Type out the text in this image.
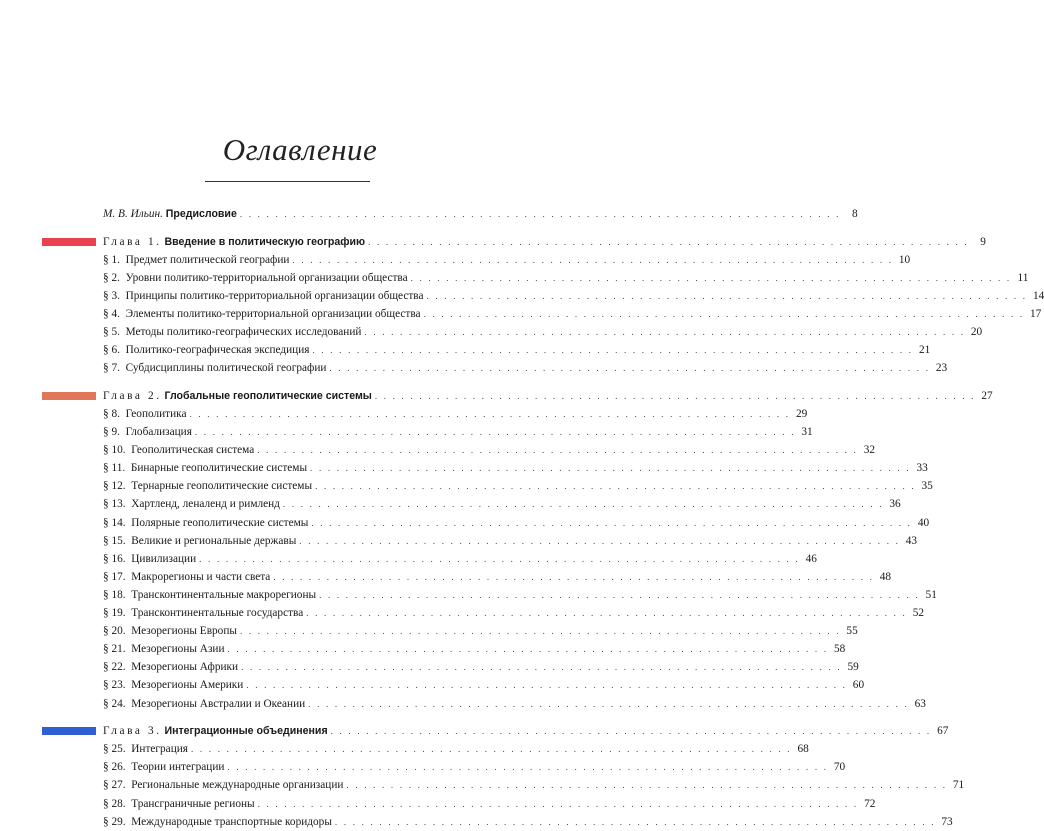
Оглавление
М. В. Ильин. Предисловие . . . . . . . . . . . . . . . . . . . . . . . . . . . . . . . . . . . . . . . . . . . . . . . . . . . . . . . . . . . . . . . . . . . .	8
Глава 1. Введение в политическую географию . . . . . . . . . . . . . . . . . . . . . . . . . . . . . . . . . . . . . . . . . . . . . . . . . . . . . . . . . . . . . . . . . . . .	9
§ 1. Предмет политической географии . . . . . . . . . . . . . . . . . . . . . . . . . . . . . . . . . . . . . . . . . . . . . . . . . . . . . . . . . . . . . . . . . . . . 10
§ 2. Уровни политико-территориальной организации общества . . . . . . . . . . . . . . . . . . . . . . . . . . . . . . . . . . . . . . . . . . . . . . . . . . . . . . . . . . . . . . . . . . . . 11
§ 3. Принципы политико-территориальной организации общества . . . . . . . . . . . . . . . . . . . . . . . . . . . . . . . . . . . . . . . . . . . . . . . . . . . . . . . . . . . . . . . . . . . . 14
§ 4. Элементы политико-территориальной организации общества . . . . . . . . . . . . . . . . . . . . . . . . . . . . . . . . . . . . . . . . . . . . . . . . . . . . . . . . . . . . . . . . . . . . 17
§ 5. Методы политико-географических исследований . . . . . . . . . . . . . . . . . . . . . . . . . . . . . . . . . . . . . . . . . . . . . . . . . . . . . . . . . . . . . . . . . . . . 20
§ 6. Политико-географическая экспедиция . . . . . . . . . . . . . . . . . . . . . . . . . . . . . . . . . . . . . . . . . . . . . . . . . . . . . . . . . . . . . . . . . . . . 21
§ 7. Субдисциплины политической географии . . . . . . . . . . . . . . . . . . . . . . . . . . . . . . . . . . . . . . . . . . . . . . . . . . . . . . . . . . . . . . . . . . . . 23
Глава 2. Глобальные геополитические системы . . . . . . . . . . . . . . . . . . . . . . . . . . . . . . . . . . . . . . . . . . . . . . . . . . . . . . . . . . . . . . . . . . . . 27
§ 8. Геополитика . . . . . . . . . . . . . . . . . . . . . . . . . . . . . . . . . . . . . . . . . . . . . . . . . . . . . . . . . . . . . . . . . . . . 29
§ 9. Глобализация . . . . . . . . . . . . . . . . . . . . . . . . . . . . . . . . . . . . . . . . . . . . . . . . . . . . . . . . . . . . . . . . . . . . 31
§ 10. Геополитическая система . . . . . . . . . . . . . . . . . . . . . . . . . . . . . . . . . . . . . . . . . . . . . . . . . . . . . . . . . . . . . . . . . . . . 32
§ 11. Бинарные геополитические системы . . . . . . . . . . . . . . . . . . . . . . . . . . . . . . . . . . . . . . . . . . . . . . . . . . . . . . . . . . . . . . . . . . . . 33
§ 12. Тернарные геополитические системы . . . . . . . . . . . . . . . . . . . . . . . . . . . . . . . . . . . . . . . . . . . . . . . . . . . . . . . . . . . . . . . . . . . . 35
§ 13. Хартленд, леналенд и римленд . . . . . . . . . . . . . . . . . . . . . . . . . . . . . . . . . . . . . . . . . . . . . . . . . . . . . . . . . . . . . . . . . . . . 36
§ 14. Полярные геополитические системы . . . . . . . . . . . . . . . . . . . . . . . . . . . . . . . . . . . . . . . . . . . . . . . . . . . . . . . . . . . . . . . . . . . . 40
§ 15. Великие и региональные державы . . . . . . . . . . . . . . . . . . . . . . . . . . . . . . . . . . . . . . . . . . . . . . . . . . . . . . . . . . . . . . . . . . . . 43
§ 16. Цивилизации . . . . . . . . . . . . . . . . . . . . . . . . . . . . . . . . . . . . . . . . . . . . . . . . . . . . . . . . . . . . . . . . . . . . 46
§ 17. Макрорегионы и части света . . . . . . . . . . . . . . . . . . . . . . . . . . . . . . . . . . . . . . . . . . . . . . . . . . . . . . . . . . . . . . . . . . . . 48
§ 18. Трансконтинентальные макрорегионы . . . . . . . . . . . . . . . . . . . . . . . . . . . . . . . . . . . . . . . . . . . . . . . . . . . . . . . . . . . . . . . . . . . . 51
§ 19. Трансконтинентальные государства . . . . . . . . . . . . . . . . . . . . . . . . . . . . . . . . . . . . . . . . . . . . . . . . . . . . . . . . . . . . . . . . . . . . 52
§ 20. Мезорегионы Европы . . . . . . . . . . . . . . . . . . . . . . . . . . . . . . . . . . . . . . . . . . . . . . . . . . . . . . . . . . . . . . . . . . . . 55
§ 21. Мезорегионы Азии . . . . . . . . . . . . . . . . . . . . . . . . . . . . . . . . . . . . . . . . . . . . . . . . . . . . . . . . . . . . . . . . . . . . 58
§ 22. Мезорегионы Африки . . . . . . . . . . . . . . . . . . . . . . . . . . . . . . . . . . . . . . . . . . . . . . . . . . . . . . . . . . . . . . . . . . . . 59
§ 23. Мезорегионы Америки . . . . . . . . . . . . . . . . . . . . . . . . . . . . . . . . . . . . . . . . . . . . . . . . . . . . . . . . . . . . . . . . . . . . 60
§ 24. Мезорегионы Австралии и Океании . . . . . . . . . . . . . . . . . . . . . . . . . . . . . . . . . . . . . . . . . . . . . . . . . . . . . . . . . . . . . . . . . . . . 63
Глава 3. Интеграционные объединения . . . . . . . . . . . . . . . . . . . . . . . . . . . . . . . . . . . . . . . . . . . . . . . . . . . . . . . . . . . . . . . . . . . . 67
§ 25. Интеграция . . . . . . . . . . . . . . . . . . . . . . . . . . . . . . . . . . . . . . . . . . . . . . . . . . . . . . . . . . . . . . . . . . . . 68
§ 26. Теории интеграции . . . . . . . . . . . . . . . . . . . . . . . . . . . . . . . . . . . . . . . . . . . . . . . . . . . . . . . . . . . . . . . . . . . . 70
§ 27. Региональные международные организации . . . . . . . . . . . . . . . . . . . . . . . . . . . . . . . . . . . . . . . . . . . . . . . . . . . . . . . . . . . . . . . . . . . . 71
§ 28. Трансграничные регионы . . . . . . . . . . . . . . . . . . . . . . . . . . . . . . . . . . . . . . . . . . . . . . . . . . . . . . . . . . . . . . . . . . . . 72
§ 29. Международные транспортные коридоры . . . . . . . . . . . . . . . . . . . . . . . . . . . . . . . . . . . . . . . . . . . . . . . . . . . . . . . . . . . . . . . . . . . . 73
